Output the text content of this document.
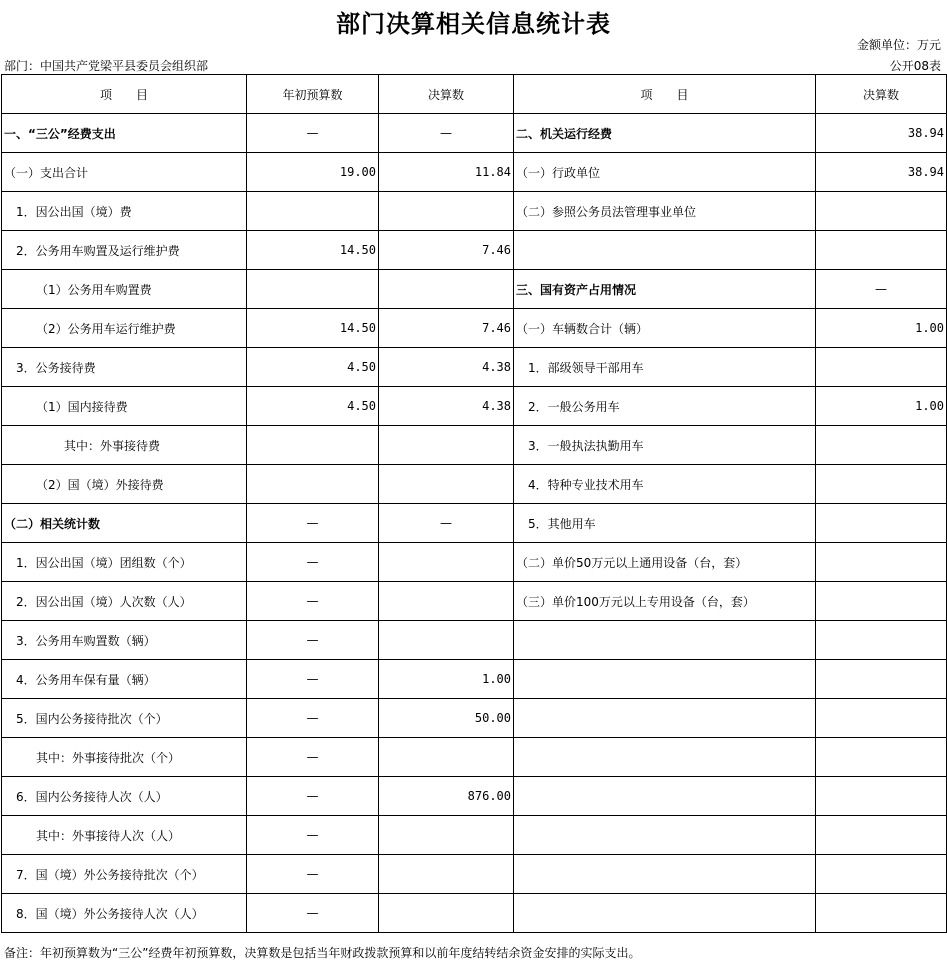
部门决算相关信息统计表
金额单位：万元
部门：中国共产党梁平县委员会组织部	公开08表
项　　目	年初预算数	决算数	项　　目	决算数
一、“三公”经费支出	—	—	二、机关运行经费	38.94
（一）支出合计	19.00	11.84	（一）行政单位	38.94
1．因公出国（境）费			（二）参照公务员法管理事业单位	
2．公务用车购置及运行维护费	14.50	7.46		
（1）公务用车购置费			三、国有资产占用情况	—
（2）公务用车运行维护费	14.50	7.46	（一）车辆数合计（辆）	1.00
3．公务接待费	4.50	4.38	1．部级领导干部用车	
（1）国内接待费	4.50	4.38	2．一般公务用车	1.00
其中：外事接待费			3．一般执法执勤用车	
（2）国（境）外接待费			4．特种专业技术用车	
（二）相关统计数	—	—	5．其他用车	
1．因公出国（境）团组数（个）	—		（二）单价50万元以上通用设备（台，套）	
2．因公出国（境）人次数（人）	—		（三）单价100万元以上专用设备（台，套）	
3．公务用车购置数（辆）	—			
4．公务用车保有量（辆）	—	1.00		
5．国内公务接待批次（个）	—	50.00		
其中：外事接待批次（个）	—			
6．国内公务接待人次（人）	—	876.00		
其中：外事接待人次（人）	—			
7．国（境）外公务接待批次（个）	—			
8．国（境）外公务接待人次（人）	—			
备注：年初预算数为“三公”经费年初预算数，决算数是包括当年财政拨款预算和以前年度结转结余资金安排的实际支出。
